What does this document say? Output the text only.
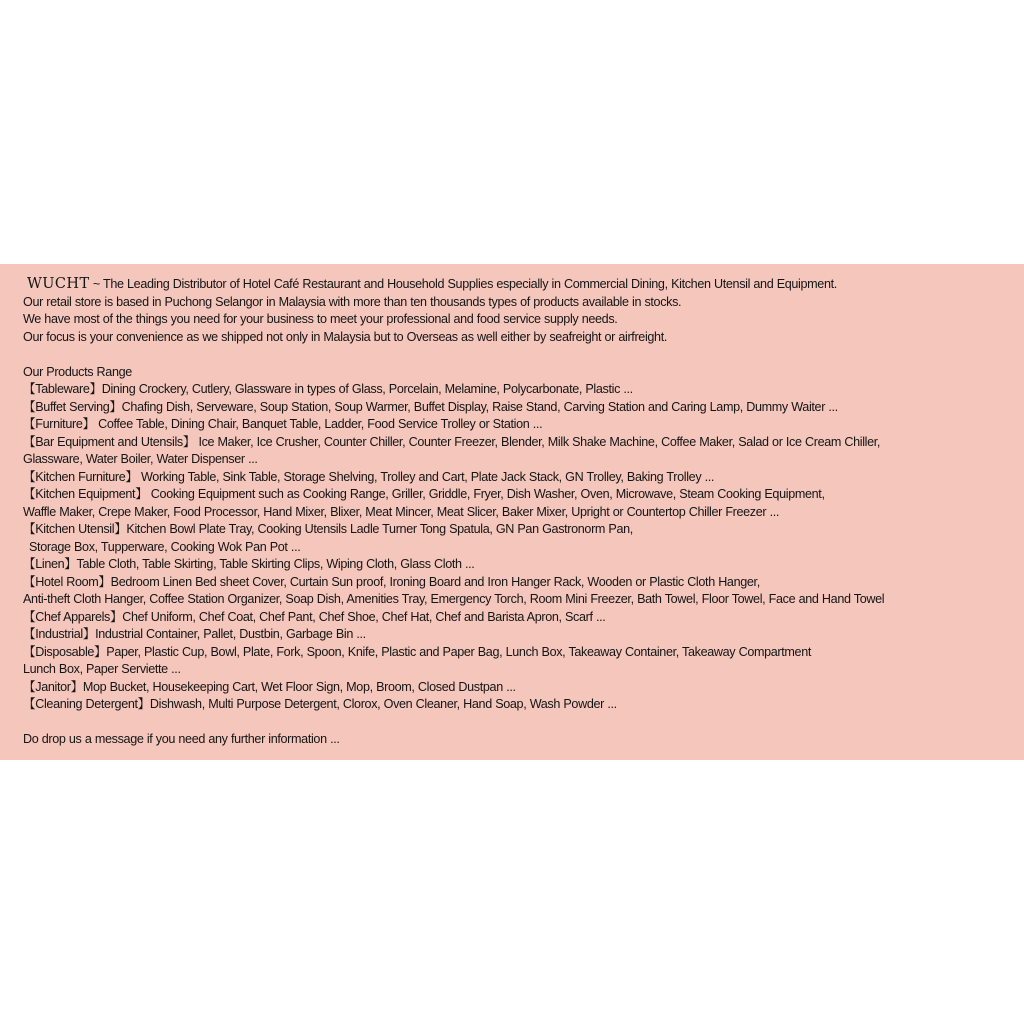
WUCHT ~ The Leading Distributor of Hotel Café Restaurant and Household Supplies especially in Commercial Dining, Kitchen Utensil and Equipment.
Our retail store is based in Puchong Selangor in Malaysia with more than ten thousands types of products available in stocks.
We have most of the things you need for your business to meet your professional and food service supply needs.
Our focus is your convenience as we shipped not only in Malaysia but to Overseas as well either by seafreight or airfreight.
Our Products Range
【Tableware】Dining Crockery, Cutlery, Glassware in types of Glass, Porcelain, Melamine, Polycarbonate, Plastic ...
【Buffet Serving】Chafing Dish, Serveware, Soup Station, Soup Warmer, Buffet Display, Raise Stand, Carving Station and Caring Lamp, Dummy Waiter ...
【Furniture】 Coffee Table, Dining Chair, Banquet Table, Ladder, Food Service Trolley or Station ...
【Bar Equipment and Utensils】 Ice Maker, Ice Crusher, Counter Chiller, Counter Freezer, Blender, Milk Shake Machine, Coffee Maker, Salad or Ice Cream Chiller,
Glassware, Water Boiler, Water Dispenser ...
【Kitchen Furniture】 Working Table, Sink Table, Storage Shelving, Trolley and Cart, Plate Jack Stack, GN Trolley, Baking Trolley ...
【Kitchen Equipment】 Cooking Equipment such as Cooking Range, Griller, Griddle, Fryer, Dish Washer, Oven, Microwave, Steam Cooking Equipment,
Waffle Maker, Crepe Maker, Food Processor, Hand Mixer, Blixer, Meat Mincer, Meat Slicer, Baker Mixer, Upright or Countertop Chiller Freezer ...
【Kitchen Utensil】Kitchen Bowl Plate Tray, Cooking Utensils Ladle Turner Tong Spatula, GN Pan Gastronorm Pan,
Storage Box, Tupperware, Cooking Wok Pan Pot ...
【Linen】Table Cloth, Table Skirting, Table Skirting Clips, Wiping Cloth, Glass Cloth ...
【Hotel Room】Bedroom Linen Bed sheet Cover, Curtain Sun proof, Ironing Board and Iron Hanger Rack, Wooden or Plastic Cloth Hanger,
Anti-theft Cloth Hanger, Coffee Station Organizer, Soap Dish, Amenities Tray, Emergency Torch, Room Mini Freezer, Bath Towel, Floor Towel, Face and Hand Towel
【Chef Apparels】Chef Uniform, Chef Coat, Chef Pant, Chef Shoe, Chef Hat, Chef and Barista Apron, Scarf ...
【Industrial】Industrial Container, Pallet, Dustbin, Garbage Bin ...
【Disposable】Paper, Plastic Cup, Bowl, Plate, Fork, Spoon, Knife, Plastic and Paper Bag, Lunch Box, Takeaway Container, Takeaway Compartment
Lunch Box, Paper Serviette ...
【Janitor】Mop Bucket, Housekeeping Cart, Wet Floor Sign, Mop, Broom, Closed Dustpan ...
【Cleaning Detergent】Dishwash, Multi Purpose Detergent, Clorox, Oven Cleaner, Hand Soap, Wash Powder ...
Do drop us a message if you need any further information ...
